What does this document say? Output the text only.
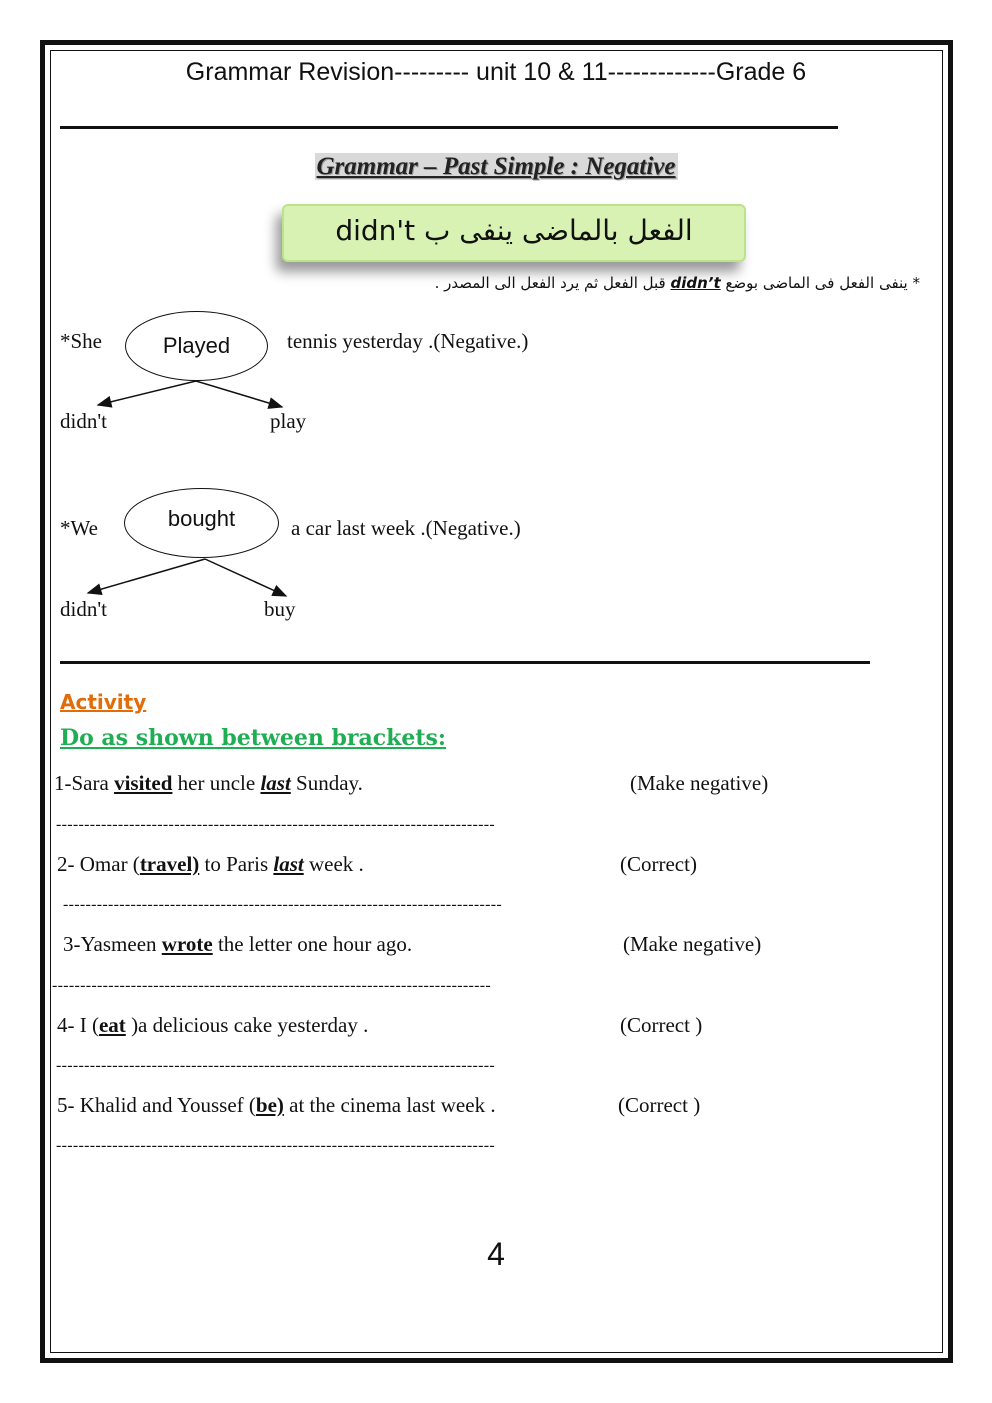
Grammar Revision--------- unit 10 & 11-------------Grade 6
Grammar – Past Simple : Negative
الفعل بالماضى ينفى ب didn't
* ينفى الفعل فى الماضى بوضع didn’t قبل الفعل ثم يرد الفعل الى المصدر .
*She	Played	tennis yesterday .(Negative.)
didn't	play
*We	bought	a car last week .(Negative.)
didn't	buy
Activity
Do as shown between brackets:
1-Sara visited her uncle last Sunday.	(Make negative)
------------------------------------------------------------------------------
2- Omar (travel) to Paris last week .	(Correct)
------------------------------------------------------------------------------
3-Yasmeen wrote the letter one hour ago.	(Make negative)
------------------------------------------------------------------------------
4- I (eat )a delicious cake yesterday .	(Correct )
------------------------------------------------------------------------------
5- Khalid and Youssef (be) at the cinema last week .	(Correct )
------------------------------------------------------------------------------
4
